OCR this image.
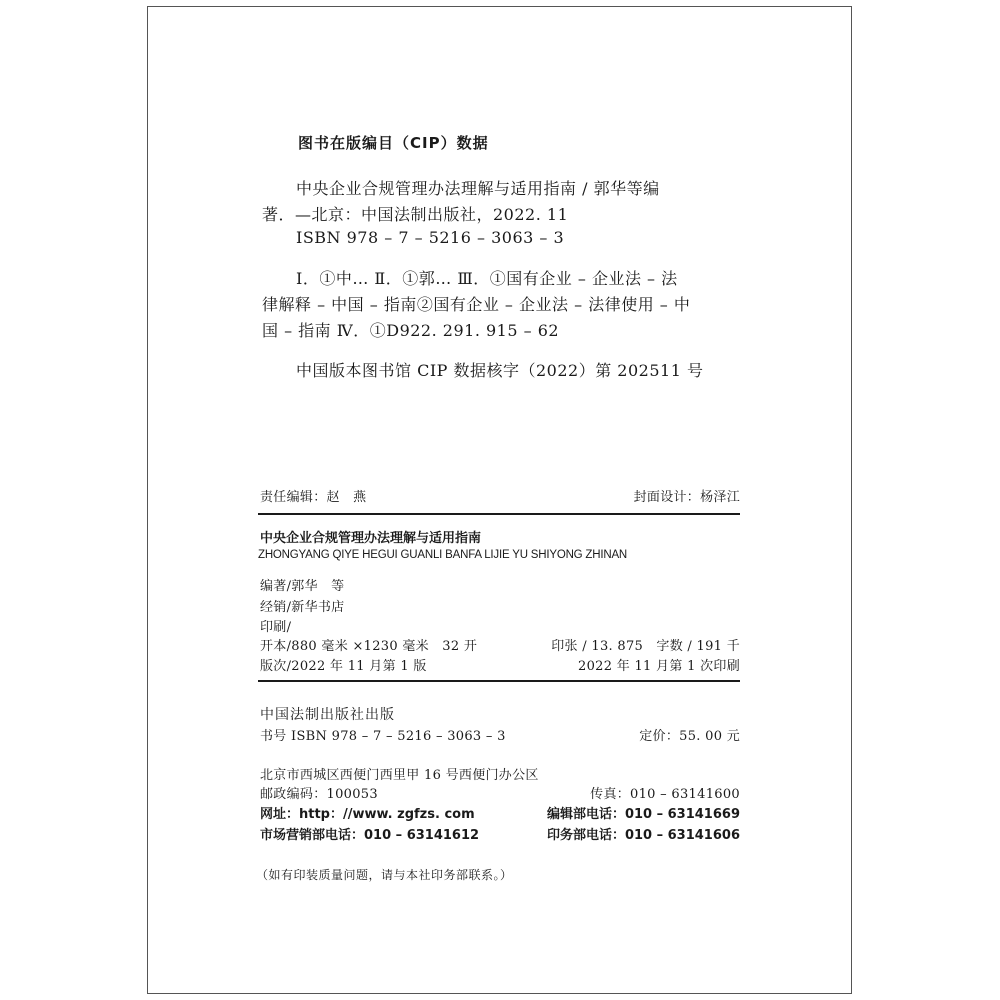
图书在版编目（CIP）数据
中央企业合规管理办法理解与适用指南 / 郭华等编
著．—北京：中国法制出版社，2022. 11
ISBN 978 – 7 – 5216 – 3063 – 3
Ⅰ．①中… Ⅱ．①郭… Ⅲ．①国有企业 – 企业法 – 法
律解释 – 中国 – 指南②国有企业 – 企业法 – 法律使用 – 中
国 – 指南 Ⅳ．①D922. 291. 915 – 62
中国版本图书馆 CIP 数据核字（2022）第 202511 号
责任编辑：赵　燕	封面设计：杨泽江
中央企业合规管理办法理解与适用指南
ZHONGYANG QIYE HEGUI GUANLI BANFA LIJIE YU SHIYONG ZHINAN
编著/郭华　等
经销/新华书店
印刷/
开本/880 毫米 ×1230 毫米　32 开	印张 / 13. 875　字数 / 191 千
版次/2022 年 11 月第 1 版	2022 年 11 月第 1 次印刷
中国法制出版社出版
书号 ISBN 978 – 7 – 5216 – 3063 – 3	定价：55. 00 元
北京市西城区西便门西里甲 16 号西便门办公区
邮政编码：100053	传真：010 – 63141600
网址：http：//www. zgfzs. com	编辑部电话：010 – 63141669
市场营销部电话：010 – 63141612	印务部电话：010 – 63141606
（如有印装质量问题，请与本社印务部联系。）
